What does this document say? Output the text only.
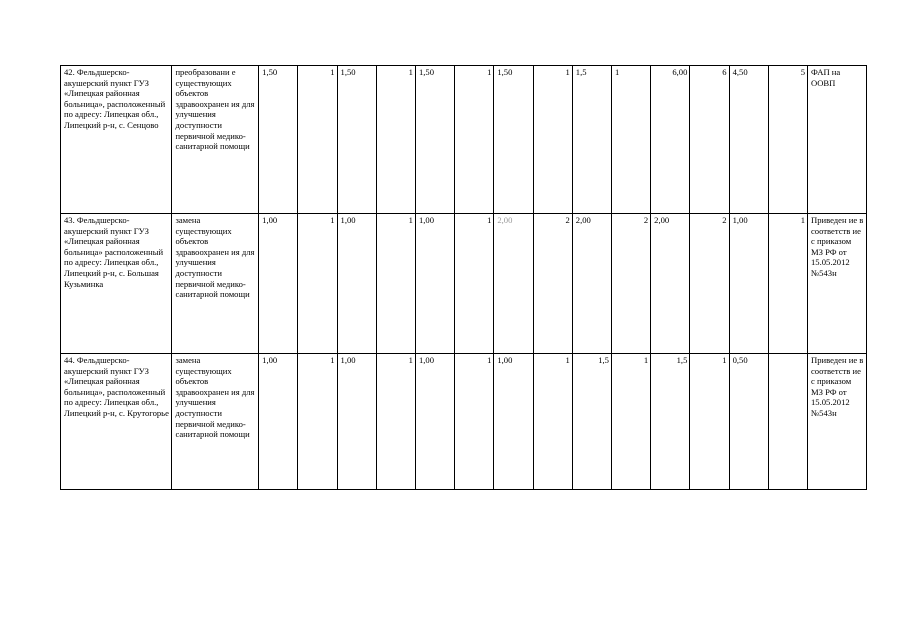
42. Фельдшерско-акушерский пункт ГУЗ «Липецкая районная больница», расположенный по адресу: Липецкая обл., Липецкий р-н, с. Сенцово	преобразовани е существующих объектов здравоохранен ия для улучшения доступности первичной медико-санитарной помощи	1,50	1	1,50	1	1,50	1	1,50	1	1,5	1	6,00	6	4,50	5	ФАП на ООВП
43. Фельдшерско-акушерский пункт ГУЗ «Липецкая районная больница» расположенный по адресу: Липецкая обл., Липецкий р-н, с. Большая Кузьминка	замена существующих объектов здравоохранен ия для улучшения доступности первичной медико-санитарной помощи	1,00	1	1,00	1	1,00	1	2,00	2	2,00	2	2,00	2	1,00	1	Приведен ие в соответств ие с приказом МЗ РФ от 15.05.2012 №543н
44. Фельдшерско-акушерский пункт ГУЗ «Липецкая районная больница», расположенный по адресу: Липецкая обл., Липецкий р-н, с. Крутогорье	замена существующих объектов здравоохранен ия для улучшения доступности первичной медико-санитарной помощи	1,00	1	1,00	1	1,00	1	1,00	1	1,5	1	1,5	1	0,50		Приведен ие в соответств ие с приказом МЗ РФ от 15.05.2012 №543н
